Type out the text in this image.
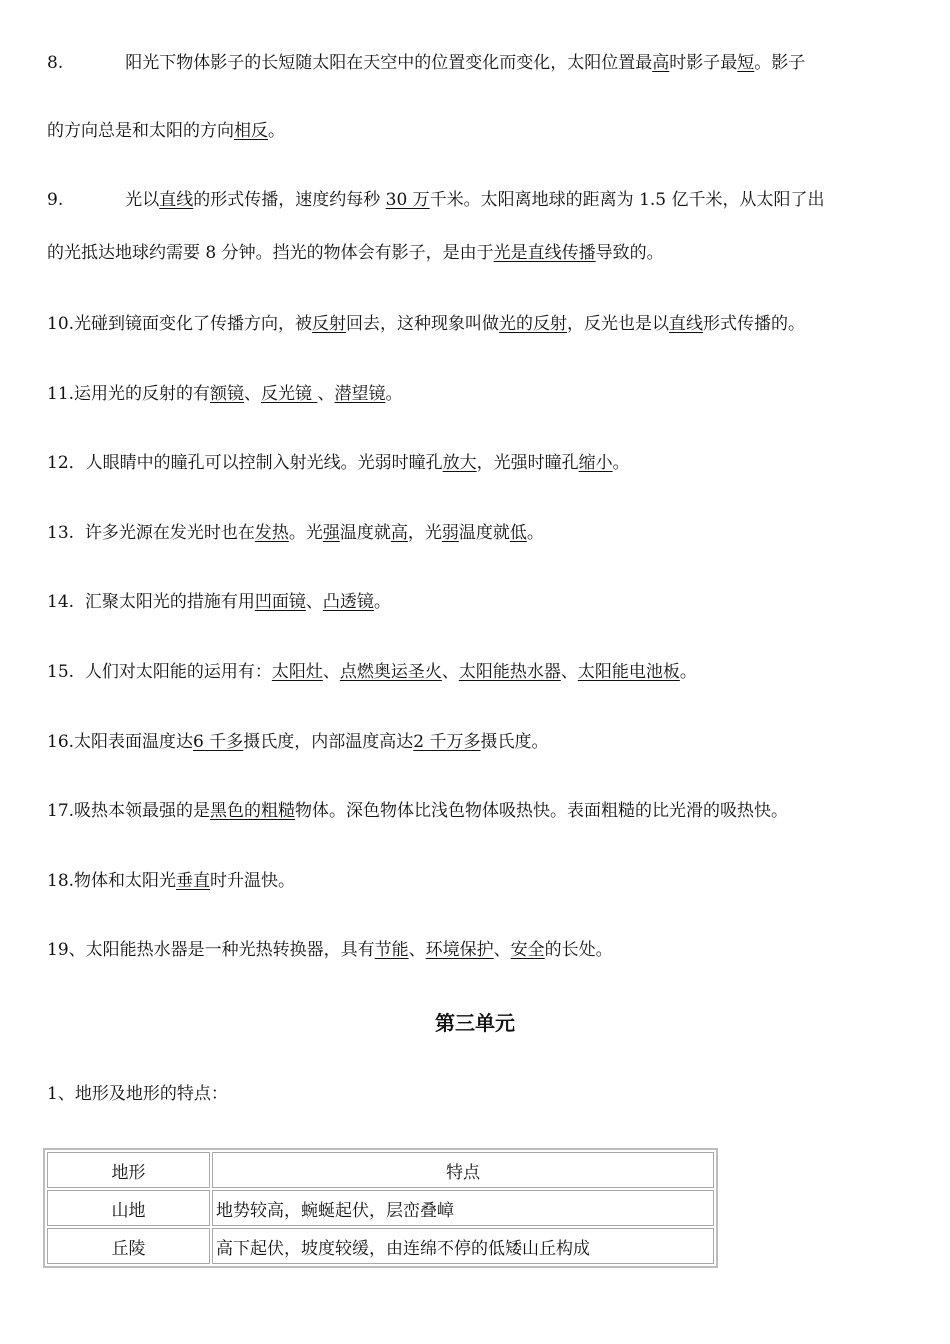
8.	阳光下物体影子的长短随太阳在天空中的位置变化而变化，太阳位置最高时影子最短。影子

的方向总是和太阳的方向相反。

9.	光以直线的形式传播，速度约每秒 30 万千米。太阳离地球的距离为 1.5 亿千米，从太阳了出

的光抵达地球约需要 8 分钟。挡光的物体会有影子，是由于光是直线传播导致的。

10.光碰到镜面变化了传播方向，被反射回去，这种现象叫做光的反射，反光也是以直线形式传播的。

11.运用光的反射的有额镜、反光镜 、潜望镜。

12．人眼睛中的瞳孔可以控制入射光线。光弱时瞳孔放大，光强时瞳孔缩小。

13.  许多光源在发光时也在发热。光强温度就高，光弱温度就低。

14.  汇聚太阳光的措施有用凹面镜、凸透镜。

15.  人们对太阳能的运用有：太阳灶、点燃奥运圣火、太阳能热水器、太阳能电池板。

16.太阳表面温度达6 千多摄氏度，内部温度高达2 千万多摄氏度。

17.吸热本领最强的是黑色的粗糙物体。深色物体比浅色物体吸热快。表面粗糙的比光滑的吸热快。

18.物体和太阳光垂直时升温快。

19、太阳能热水器是一种光热转换器，具有节能、环境保护、安全的长处。

第三单元

1、地形及地形的特点：

地形	特点
山地	地势较高，蜿蜒起伏，层峦叠嶂
丘陵	高下起伏，坡度较缓，由连绵不停的低矮山丘构成
